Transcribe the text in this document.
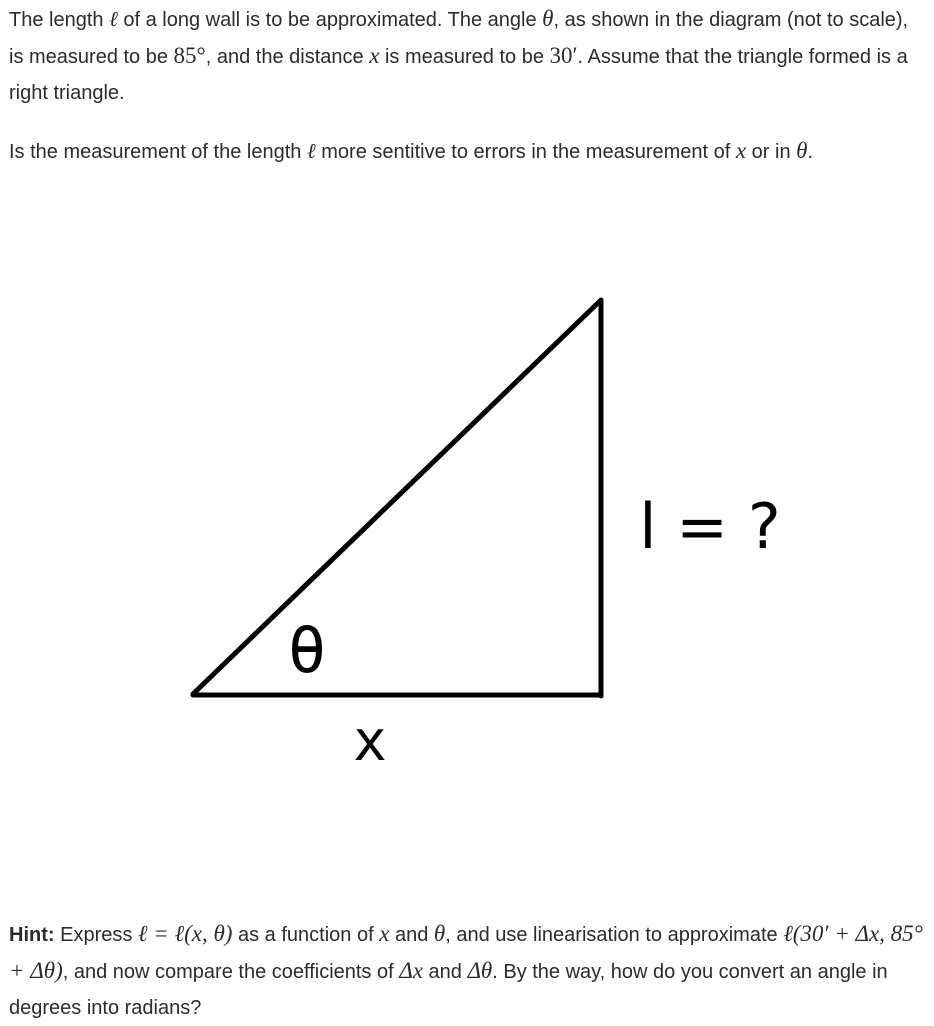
The length ℓ of a long wall is to be approximated. The angle θ, as shown in the diagram (not to scale), is measured to be 85°, and the distance x is measured to be 30′. Assume that the triangle formed is a right triangle.

Is the measurement of the length ℓ more sentitive to errors in the measurement of x or in θ.

θ
x
l = ?

Hint: Express ℓ = ℓ(x, θ) as a function of x and θ, and use linearisation to approximate ℓ(30′ + Δx, 85° + Δθ), and now compare the coefficients of Δx and Δθ. By the way, how do you convert an angle in degrees into radians?
